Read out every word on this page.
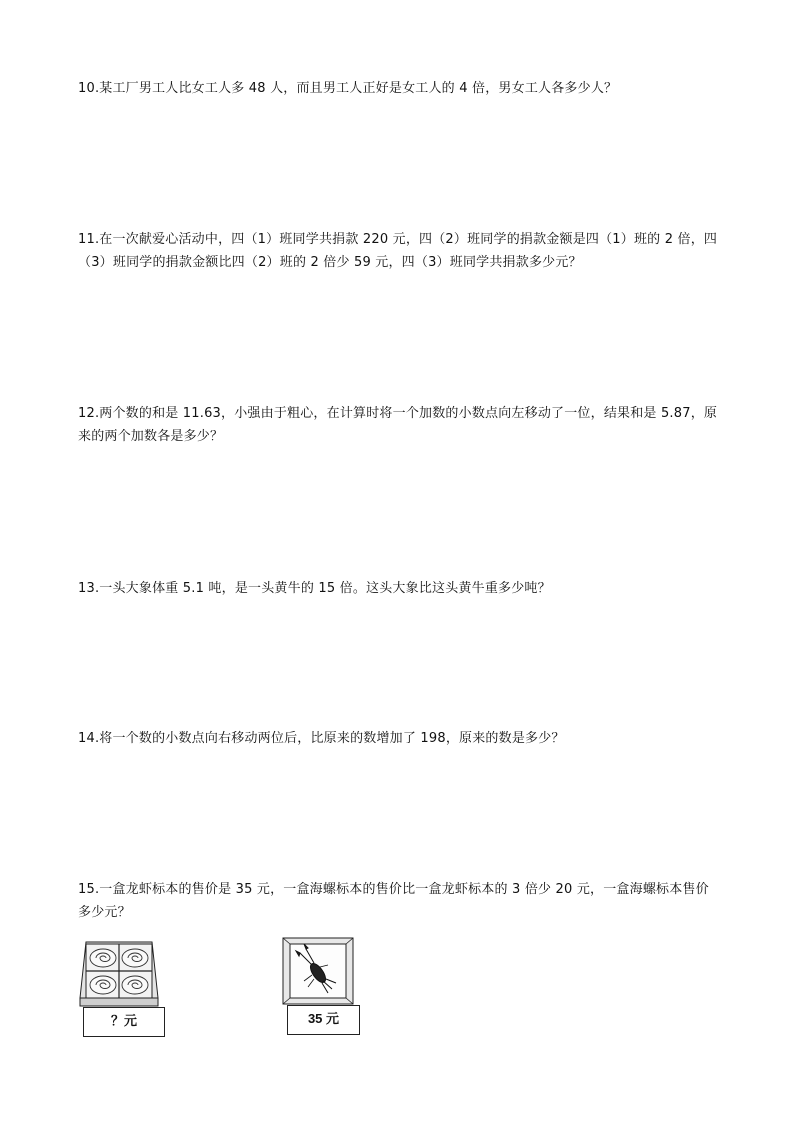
10.某工厂男工人比女工人多 48 人，而且男工人正好是女工人的 4 倍，男女工人各多少人？
11.在一次献爱心活动中，四（1）班同学共捐款 220 元，四（2）班同学的捐款金额是四（1）班的 2 倍，四（3）班同学的捐款金额比四（2）班的 2 倍少 59 元，四（3）班同学共捐款多少元？
12.两个数的和是 11.63，小强由于粗心，在计算时将一个加数的小数点向左移动了一位，结果和是 5.87，原来的两个加数各是多少？
13.一头大象体重 5.1 吨，是一头黄牛的 15 倍。这头大象比这头黄牛重多少吨？
14.将一个数的小数点向右移动两位后，比原来的数增加了 198，原来的数是多少？
15.一盒龙虾标本的售价是 35 元，一盒海螺标本的售价比一盒龙虾标本的 3 倍少 20 元，一盒海螺标本售价多少元？
？元	35 元
